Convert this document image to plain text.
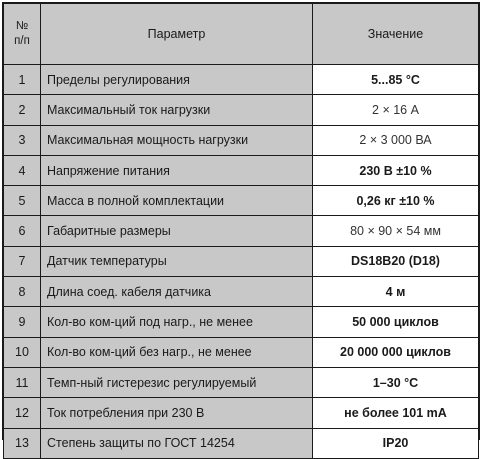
№
п/п	Параметр	Значение
1	Пределы регулирования	5...85 °С
2	Максимальный ток нагрузки	2 × 16 А
3	Максимальная мощность нагрузки	2 × 3 000 ВА
4	Напряжение питания	230 В ±10 %
5	Масса в полной комплектации	0,26 кг ±10 %
6	Габаритные размеры	80 × 90 × 54 мм
7	Датчик температуры	DS18B20 (D18)
8	Длина соед. кабеля датчика	4 м
9	Кол-во ком-ций под нагр., не менее	50 000 циклов
10	Кол-во ком-ций без нагр., не менее	20 000 000 циклов
11	Темп-ный гистерезис регулируемый	1–30 °С
12	Ток потребления при 230 В	не более 101 mA
13	Степень защиты по ГОСТ 14254	IP20
